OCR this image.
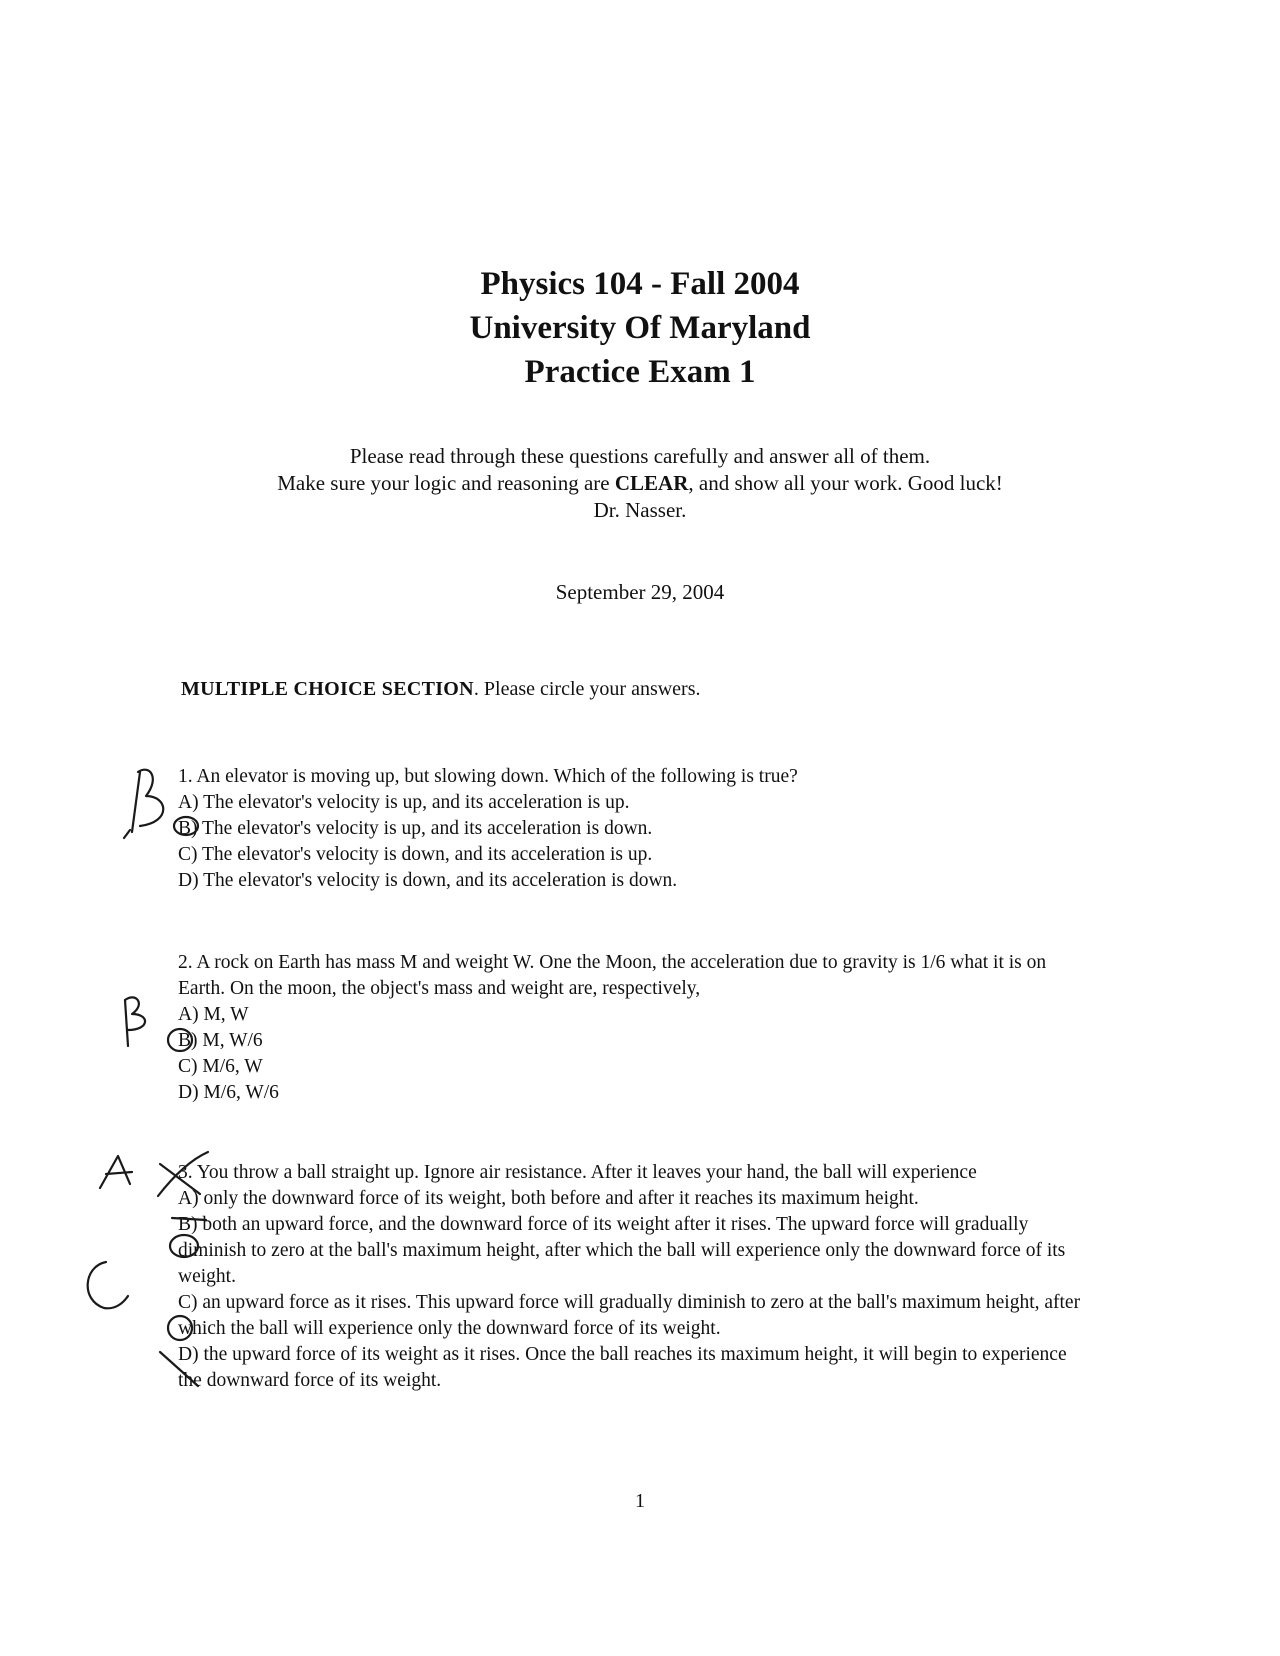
Physics 104 - Fall 2004
University Of Maryland
Practice Exam 1
Please read through these questions carefully and answer all of them.
Make sure your logic and reasoning are CLEAR, and show all your work. Good luck!
Dr. Nasser.
September 29, 2004
MULTIPLE CHOICE SECTION. Please circle your answers.
1. An elevator is moving up, but slowing down. Which of the following is true?
A) The elevator's velocity is up, and its acceleration is up.
B) The elevator's velocity is up, and its acceleration is down.
C) The elevator's velocity is down, and its acceleration is up.
D) The elevator's velocity is down, and its acceleration is down.
2. A rock on Earth has mass M and weight W. One the Moon, the acceleration due to gravity is 1/6 what it is on Earth. On the moon, the object's mass and weight are, respectively,
A) M, W
B) M, W/6
C) M/6, W
D) M/6, W/6
3. You throw a ball straight up. Ignore air resistance. After it leaves your hand, the ball will experience
A) only the downward force of its weight, both before and after it reaches its maximum height.
B) both an upward force, and the downward force of its weight after it rises. The upward force will gradually diminish to zero at the ball's maximum height, after which the ball will experience only the downward force of its weight.
C) an upward force as it rises. This upward force will gradually diminish to zero at the ball's maximum height, after which the ball will experience only the downward force of its weight.
D) the upward force of its weight as it rises. Once the ball reaches its maximum height, it will begin to experience the downward force of its weight.
1
